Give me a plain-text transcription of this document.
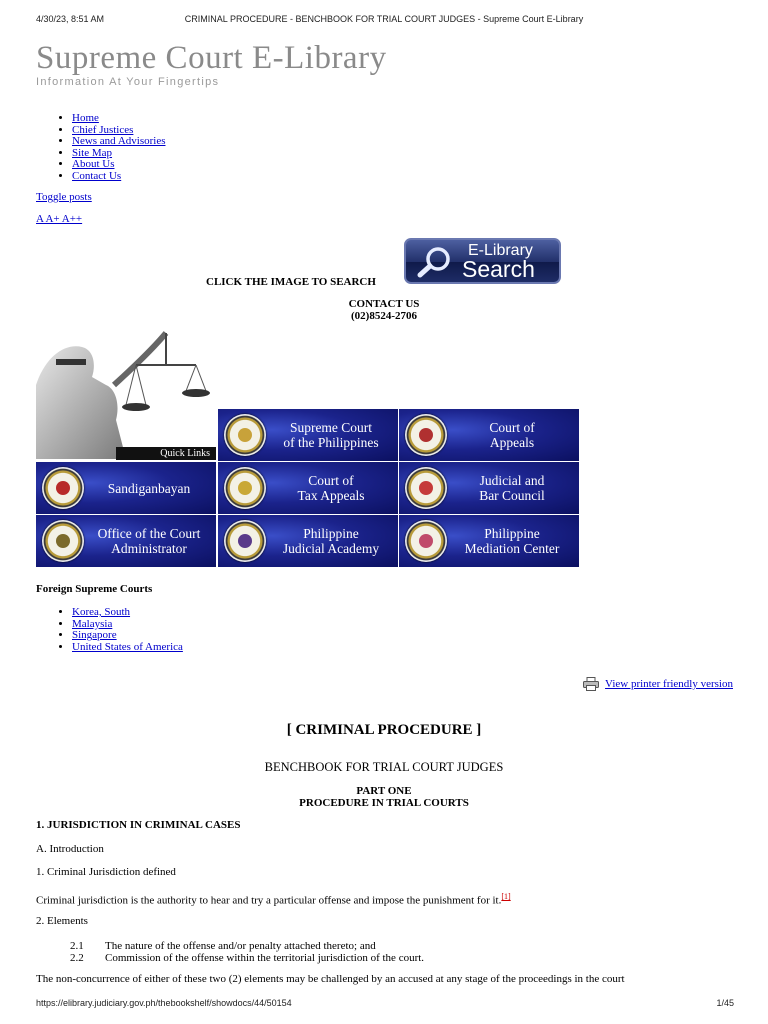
4/30/23, 8:51 AM	CRIMINAL PROCEDURE - BENCHBOOK FOR TRIAL COURT JUDGES - Supreme Court E-Library
Supreme Court E-Library
Information At Your Fingertips
• Home
• Chief Justices
• News and Advisories
• Site Map
• About Us
• Contact Us
Toggle posts
A A+ A++
CLICK THE IMAGE TO SEARCH
E-Library
Search
CONTACT US
(02)8524-2706
Quick Links
Supreme Court
of the Philippines
Court of
Appeals
Sandiganbayan	Court of
Tax Appeals
Judicial and
Bar Council
Office of the Court
Administrator
Philippine
Judicial Academy
Philippine
Mediation Center
Foreign Supreme Courts
• Korea, South
• Malaysia
• Singapore
• United States of America
View printer friendly version
[ CRIMINAL PROCEDURE ]
BENCHBOOK FOR TRIAL COURT JUDGES
PART ONE
PROCEDURE IN TRIAL COURTS
1. JURISDICTION IN CRIMINAL CASES
A. Introduction
1. Criminal Jurisdiction defined
Criminal jurisdiction is the authority to hear and try a particular offense and impose the punishment for it.[1]
2. Elements
2.1	The nature of the offense and/or penalty attached thereto; and
2.2	Commission of the offense within the territorial jurisdiction of the court.
The non-concurrence of either of these two (2) elements may be challenged by an accused at any stage of the proceedings in the court
https://elibrary.judiciary.gov.ph/thebookshelf/showdocs/44/50154	1/45
